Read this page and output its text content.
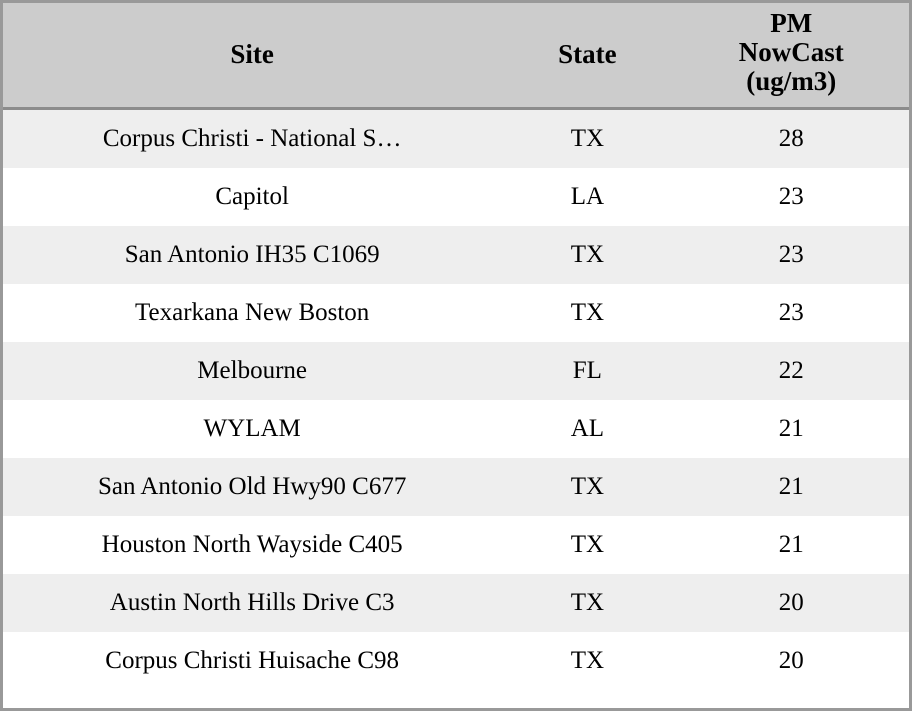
Site	State	PM
NowCast
(ug/m3)

Corpus Christi - National S…	TX	28
Capitol	LA	23
San Antonio IH35 C1069	TX	23
Texarkana New Boston	TX	23
Melbourne	FL	22
WYLAM	AL	21
San Antonio Old Hwy90 C677	TX	21
Houston North Wayside C405	TX	21
Austin North Hills Drive C3	TX	20
Corpus Christi Huisache C98	TX	20
